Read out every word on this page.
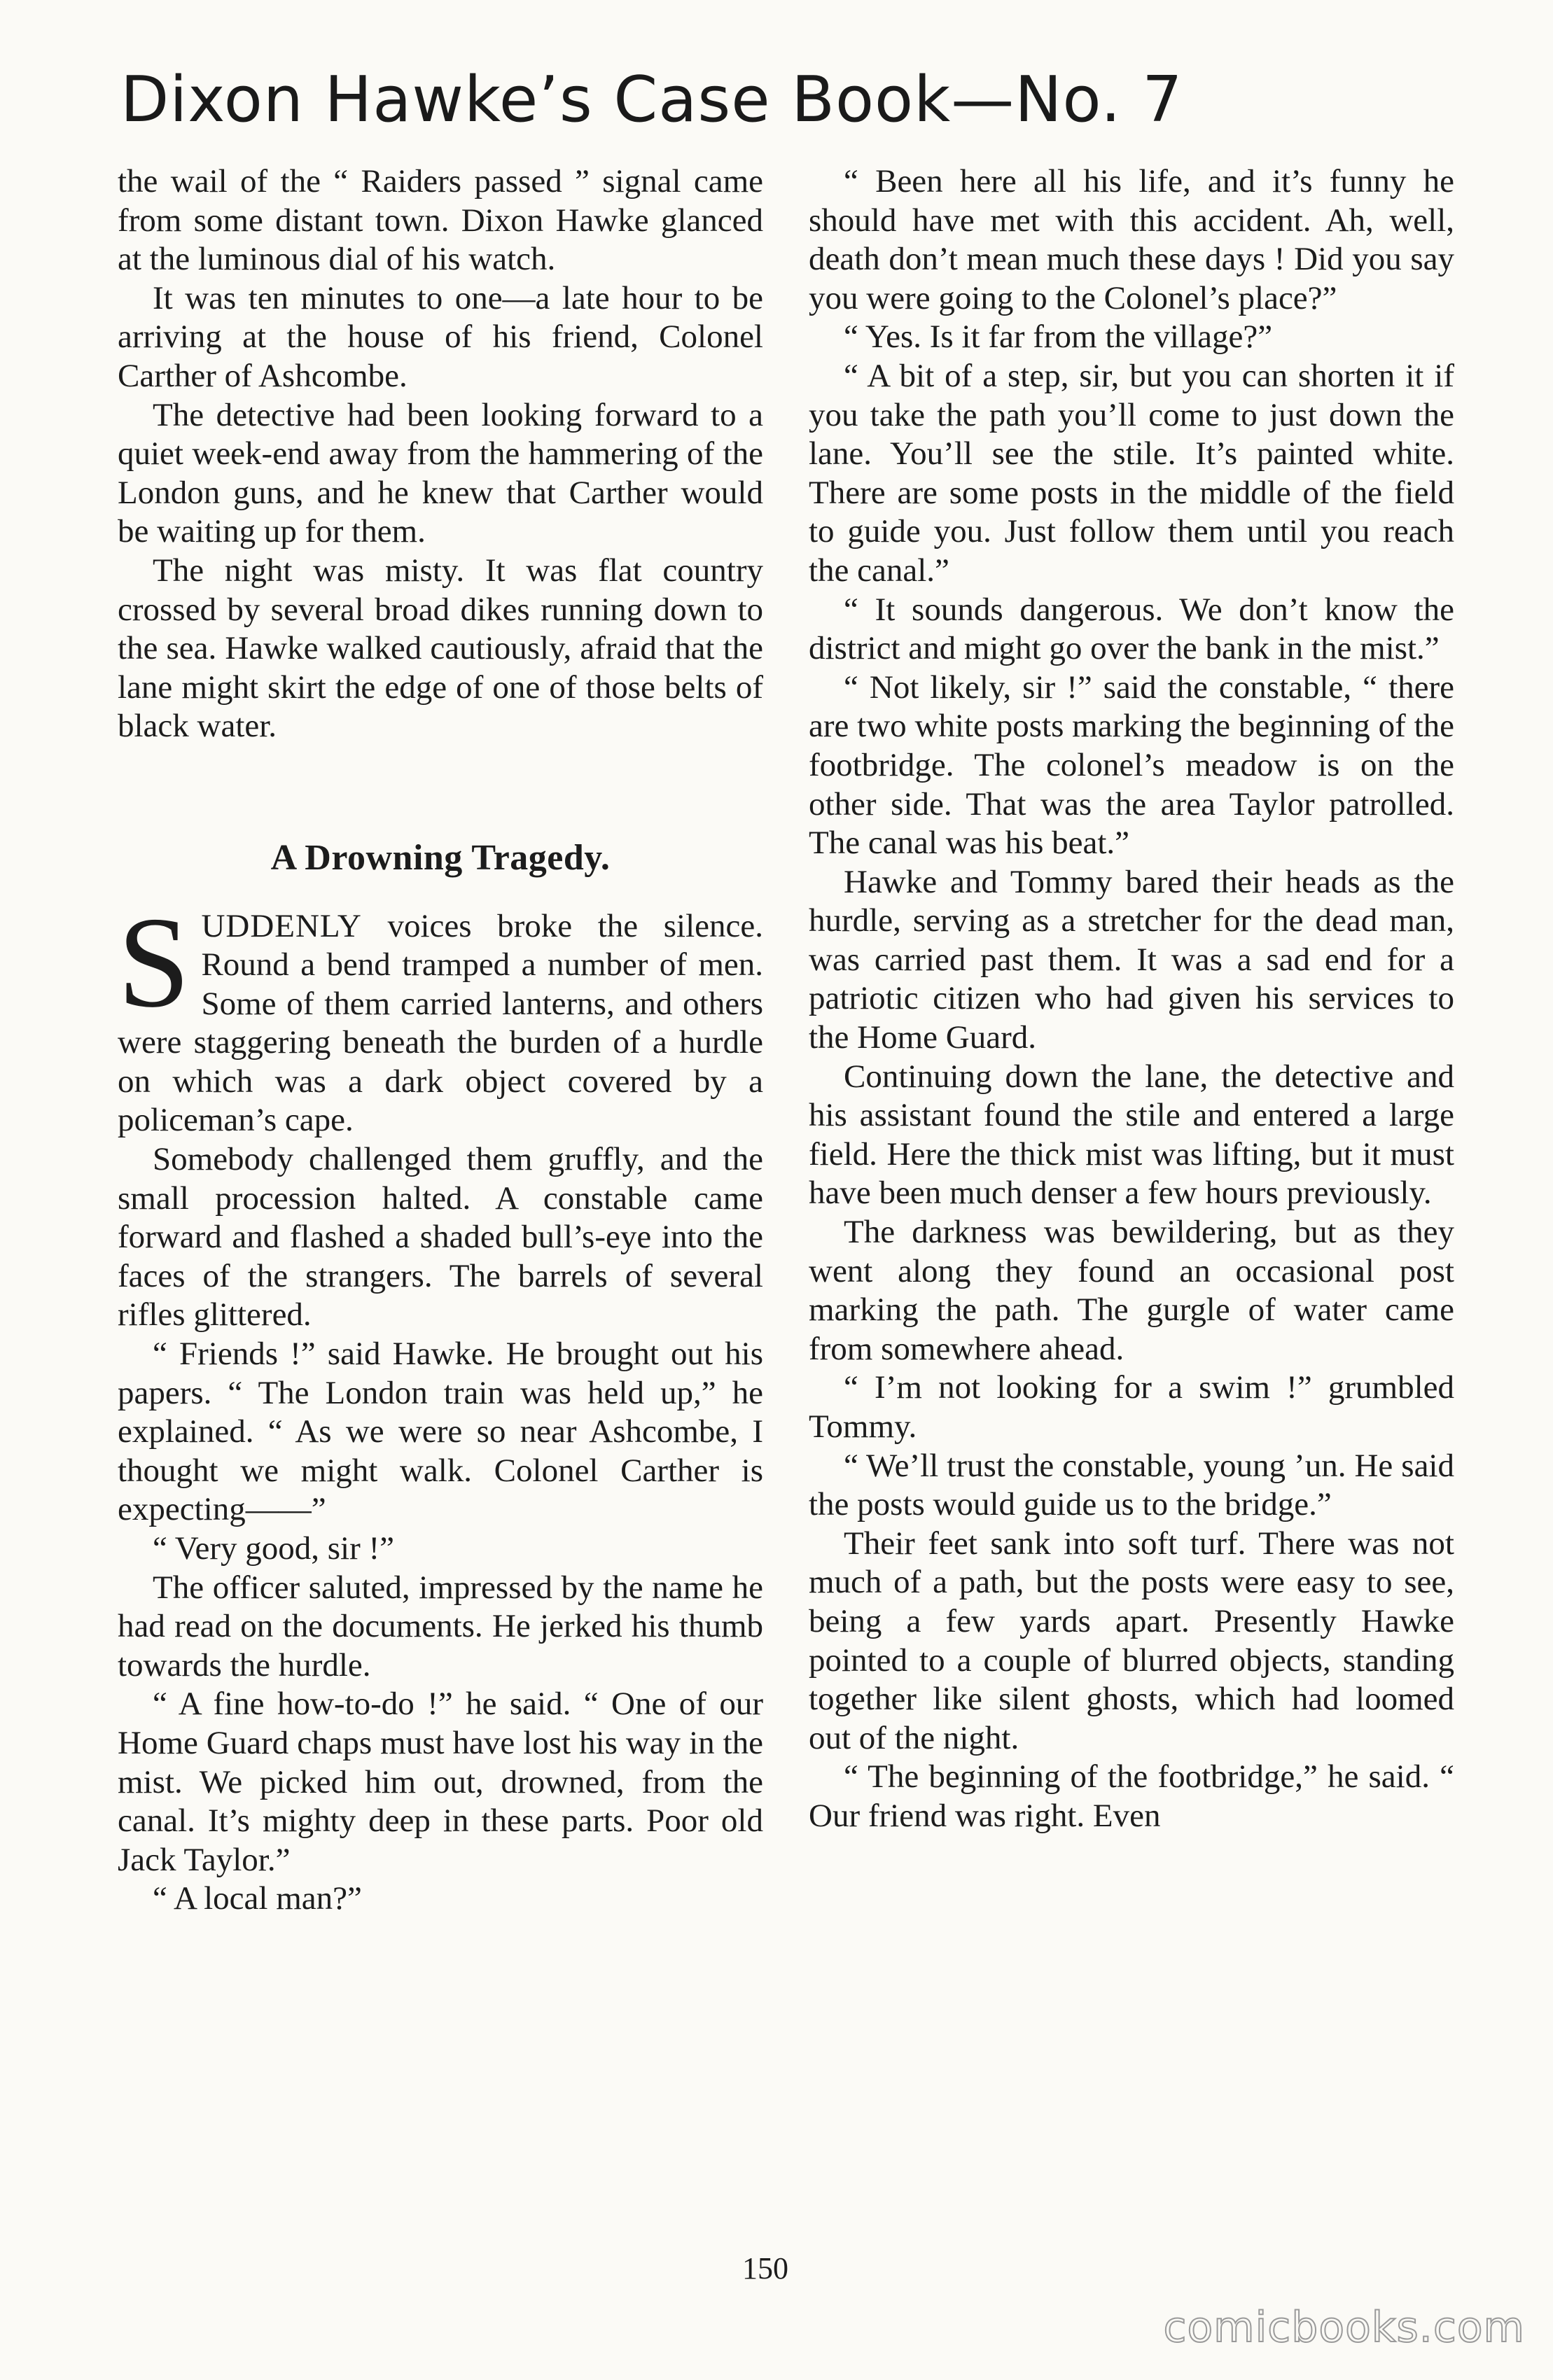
Dixon Hawke’s Case Book—No. 7

the wail of the “ Raiders passed ” signal came from some distant town. Dixon Hawke glanced at the luminous dial of his watch.

It was ten minutes to one—a late hour to be arriving at the house of his friend, Colonel Carther of Ashcombe.

The detective had been looking forward to a quiet week-end away from the hammering of the London guns, and he knew that Carther would be waiting up for them.

The night was misty. It was flat country crossed by several broad dikes running down to the sea. Hawke walked cautiously, afraid that the lane might skirt the edge of one of those belts of black water.

A Drowning Tragedy.

SUDDENLY voices broke the silence. Round a bend tramped a number of men. Some of them carried lanterns, and others were staggering beneath the burden of a hurdle on which was a dark object covered by a policeman’s cape.

Somebody challenged them gruffly, and the small procession halted. A constable came forward and flashed a shaded bull’s-eye into the faces of the strangers. The barrels of several rifles glittered.

“ Friends !” said Hawke. He brought out his papers. “ The London train was held up,” he explained. “ As we were so near Ashcombe, I thought we might walk. Colonel Carther is expecting——”

“ Very good, sir !”

The officer saluted, impressed by the name he had read on the documents. He jerked his thumb towards the hurdle.

“ A fine how-to-do !” he said. “ One of our Home Guard chaps must have lost his way in the mist. We picked him out, drowned, from the canal. It’s mighty deep in these parts. Poor old Jack Taylor.”

“ A local man?”

“ Been here all his life, and it’s funny he should have met with this accident. Ah, well, death don’t mean much these days ! Did you say you were going to the Colonel’s place?”

“ Yes. Is it far from the village?”

“ A bit of a step, sir, but you can shorten it if you take the path you’ll come to just down the lane. You’ll see the stile. It’s painted white. There are some posts in the middle of the field to guide you. Just follow them until you reach the canal.”

“ It sounds dangerous. We don’t know the district and might go over the bank in the mist.”

“ Not likely, sir !” said the constable, “ there are two white posts marking the beginning of the footbridge. The colonel’s meadow is on the other side. That was the area Taylor patrolled. The canal was his beat.”

Hawke and Tommy bared their heads as the hurdle, serving as a stretcher for the dead man, was carried past them. It was a sad end for a patriotic citizen who had given his services to the Home Guard.

Continuing down the lane, the detective and his assistant found the stile and entered a large field. Here the thick mist was lifting, but it must have been much denser a few hours previously.

The darkness was bewildering, but as they went along they found an occasional post marking the path. The gurgle of water came from somewhere ahead.

“ I’m not looking for a swim !” grumbled Tommy.

“ We’ll trust the constable, young ’un. He said the posts would guide us to the bridge.”

Their feet sank into soft turf. There was not much of a path, but the posts were easy to see, being a few yards apart. Presently Hawke pointed to a couple of blurred objects, standing together like silent ghosts, which had loomed out of the night.

“ The beginning of the footbridge,” he said. “ Our friend was right. Even

150
comicbooks.com
